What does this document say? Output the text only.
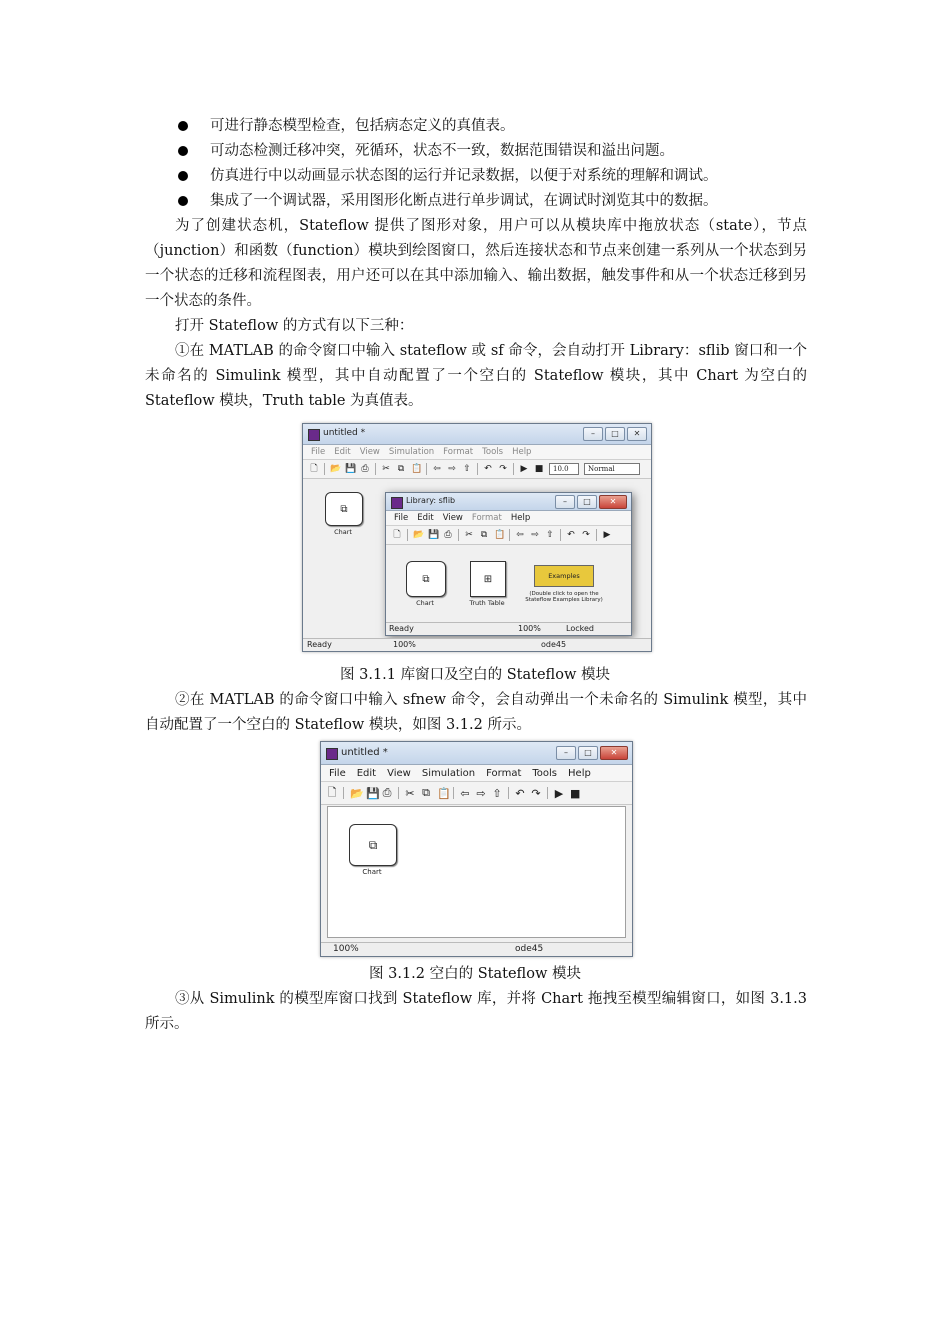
可进行静态模型检查，包括病态定义的真值表。
可动态检测迁移冲突，死循环，状态不一致，数据范围错误和溢出问题。
仿真进行中以动画显示状态图的运行并记录数据，以便于对系统的理解和调试。
集成了一个调试器，采用图形化断点进行单步调试，在调试时浏览其中的数据。

为了创建状态机，Stateflow 提供了图形对象，用户可以从模块库中拖放状态（state），节点（junction）和函数（function）模块到绘图窗口，然后连接状态和节点来创建一系列从一个状态到另一个状态的迁移和流程图表，用户还可以在其中添加输入、输出数据，触发事件和从一个状态迁移到另一个状态的条件。

打开 Stateflow 的方式有以下三种：

①在 MATLAB 的命令窗口中输入 stateflow 或 sf 命令，会自动打开 Library：sflib 窗口和一个未命名的 Simulink 模型，其中自动配置了一个空白的 Stateflow 模块，其中 Chart 为空白的 Stateflow 模块，Truth table 为真值表。

untitled *	–	□	✕
File Edit View Simulation Format Tools Help
🗋 📂 💾 ⎙ ✂ ⧉ 📋 ⇦ ⇨ ⇧ ↶ ↷ ▶ ■	10.0	Normal
⧉
Chart
Library: sflib	–	□	✕
File Edit View Format Help
🗋 📂 💾 ⎙ ✂ ⧉ 📋 ⇦ ⇨ ⇧ ↶ ↷ ▶
⧉
Chart
⊞
Truth Table
Examples
(Double click to open the Stateflow Examples Library)
Ready	100%	Locked
Ready	100%	ode45
图 3.1.1 库窗口及空白的 Stateflow 模块

②在 MATLAB 的命令窗口中输入 sfnew 命令，会自动弹出一个未命名的 Simulink 模型，其中自动配置了一个空白的 Stateflow 模块，如图 3.1.2 所示。

untitled *	–	□	✕
File Edit View Simulation Format Tools Help
🗋 📂 💾 ⎙ ✂ ⧉ 📋 ⇦ ⇨ ⇧ ↶ ↷ ▶ ■
⧉
Chart
100%	ode45
图 3.1.2 空白的 Stateflow 模块

③从 Simulink 的模型库窗口找到 Stateflow 库，并将 Chart 拖拽至模型编辑窗口，如图 3.1.3 所示。
